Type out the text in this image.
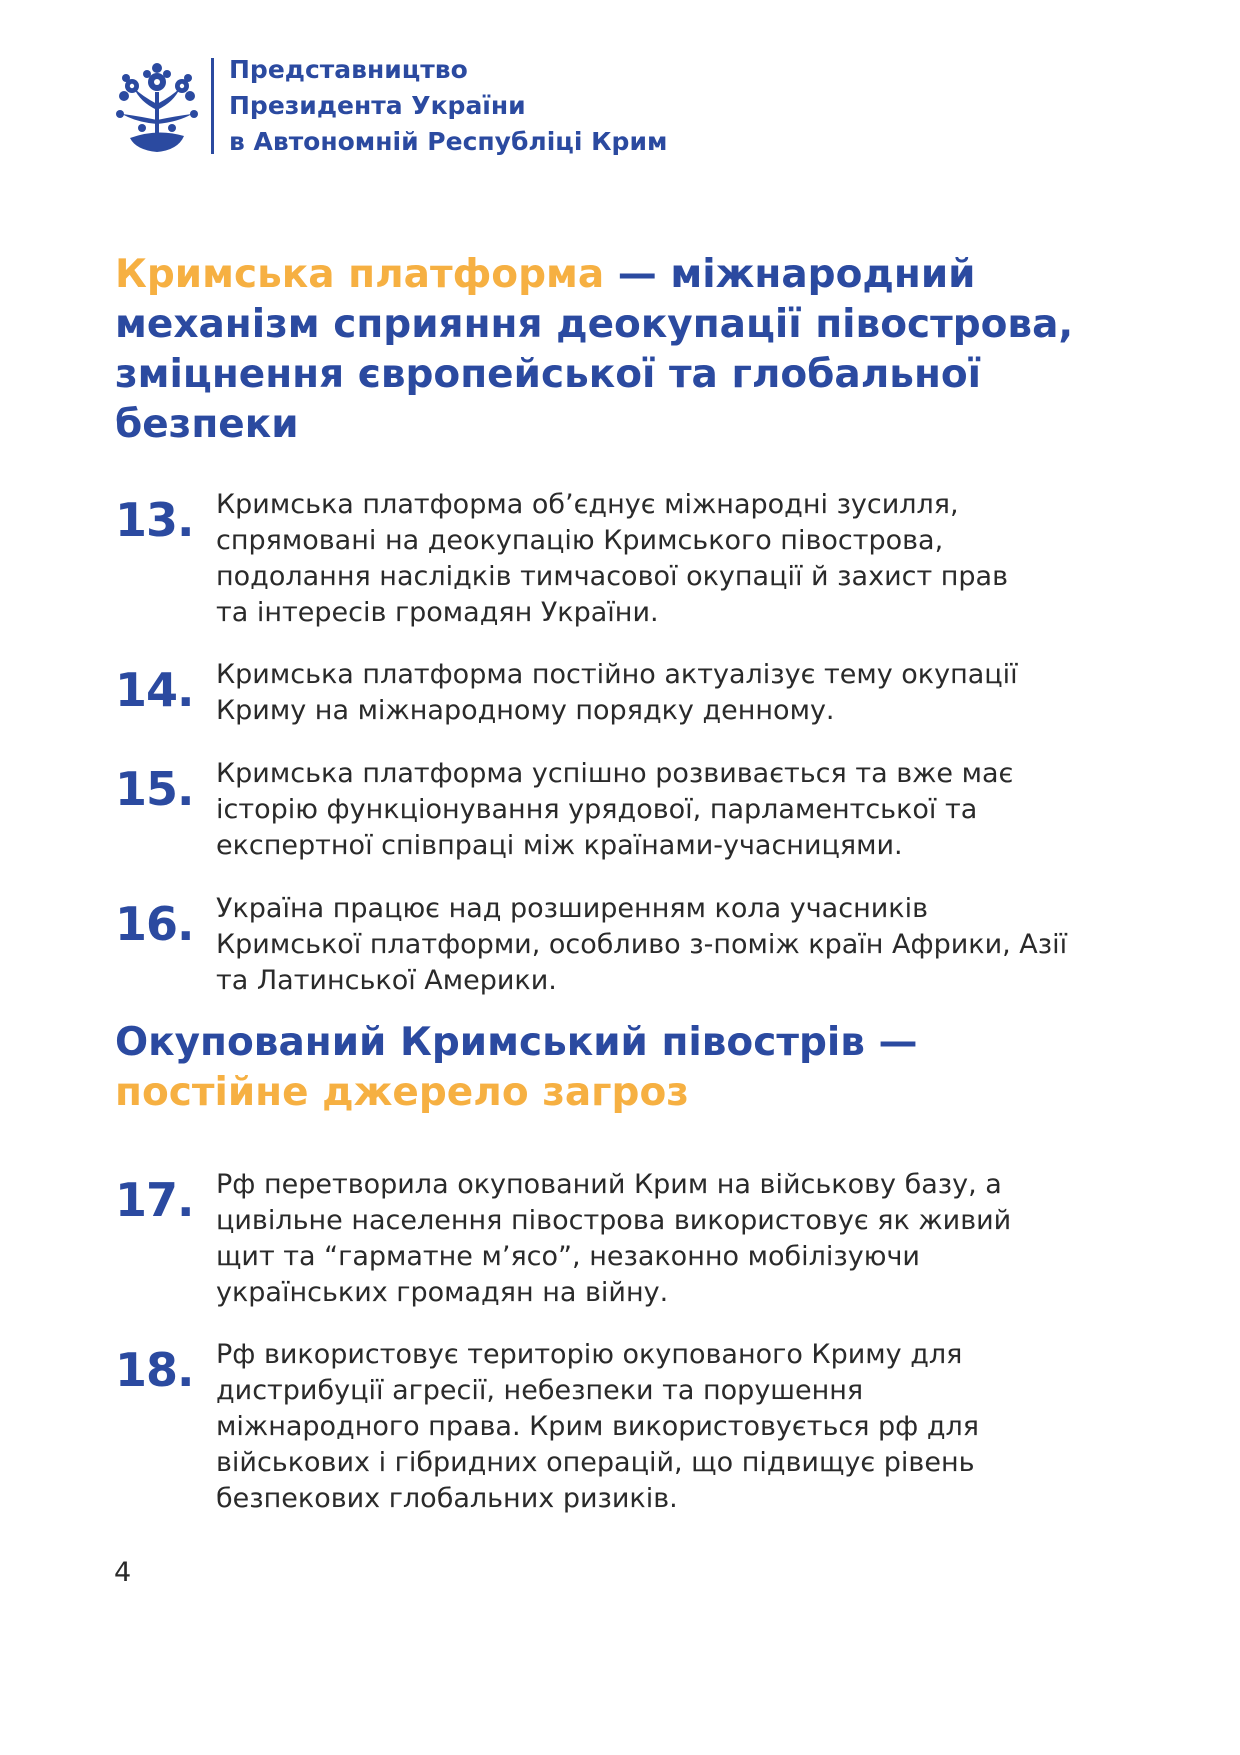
Представництво
Президента України
в Автономній Республіці Крим
Кримська платформа — міжнародний механізм сприяння деокупації півострова, зміцнення європейської та глобальної безпеки
13. Кримська платформа об’єднує міжнародні зусилля,
спрямовані на деокупацію Кримського півострова,
подолання наслідків тимчасової окупації й захист прав
та інтересів громадян України.
14. Кримська платформа постійно актуалізує тему окупації
Криму на міжнародному порядку денному.
15. Кримська платформа успішно розвивається та вже має
історію функціонування урядової, парламентської та
експертної співпраці між країнами-учасницями.
16. Україна працює над розширенням кола учасників
Кримської платформи, особливо з-поміж країн Африки, Азії
та Латинської Америки.
Окупований Кримський півострів —
постійне джерело загроз
17. Рф перетворила окупований Крим на військову базу, а
цивільне населення півострова використовує як живий
щит та “гарматне м’ясо”, незаконно мобілізуючи
українських громадян на війну.
18. Рф використовує територію окупованого Криму для
дистрибуції агресії, небезпеки та порушення
міжнародного права. Крим використовується рф для
військових і гібридних операцій, що підвищує рівень
безпекових глобальних ризиків.
4
